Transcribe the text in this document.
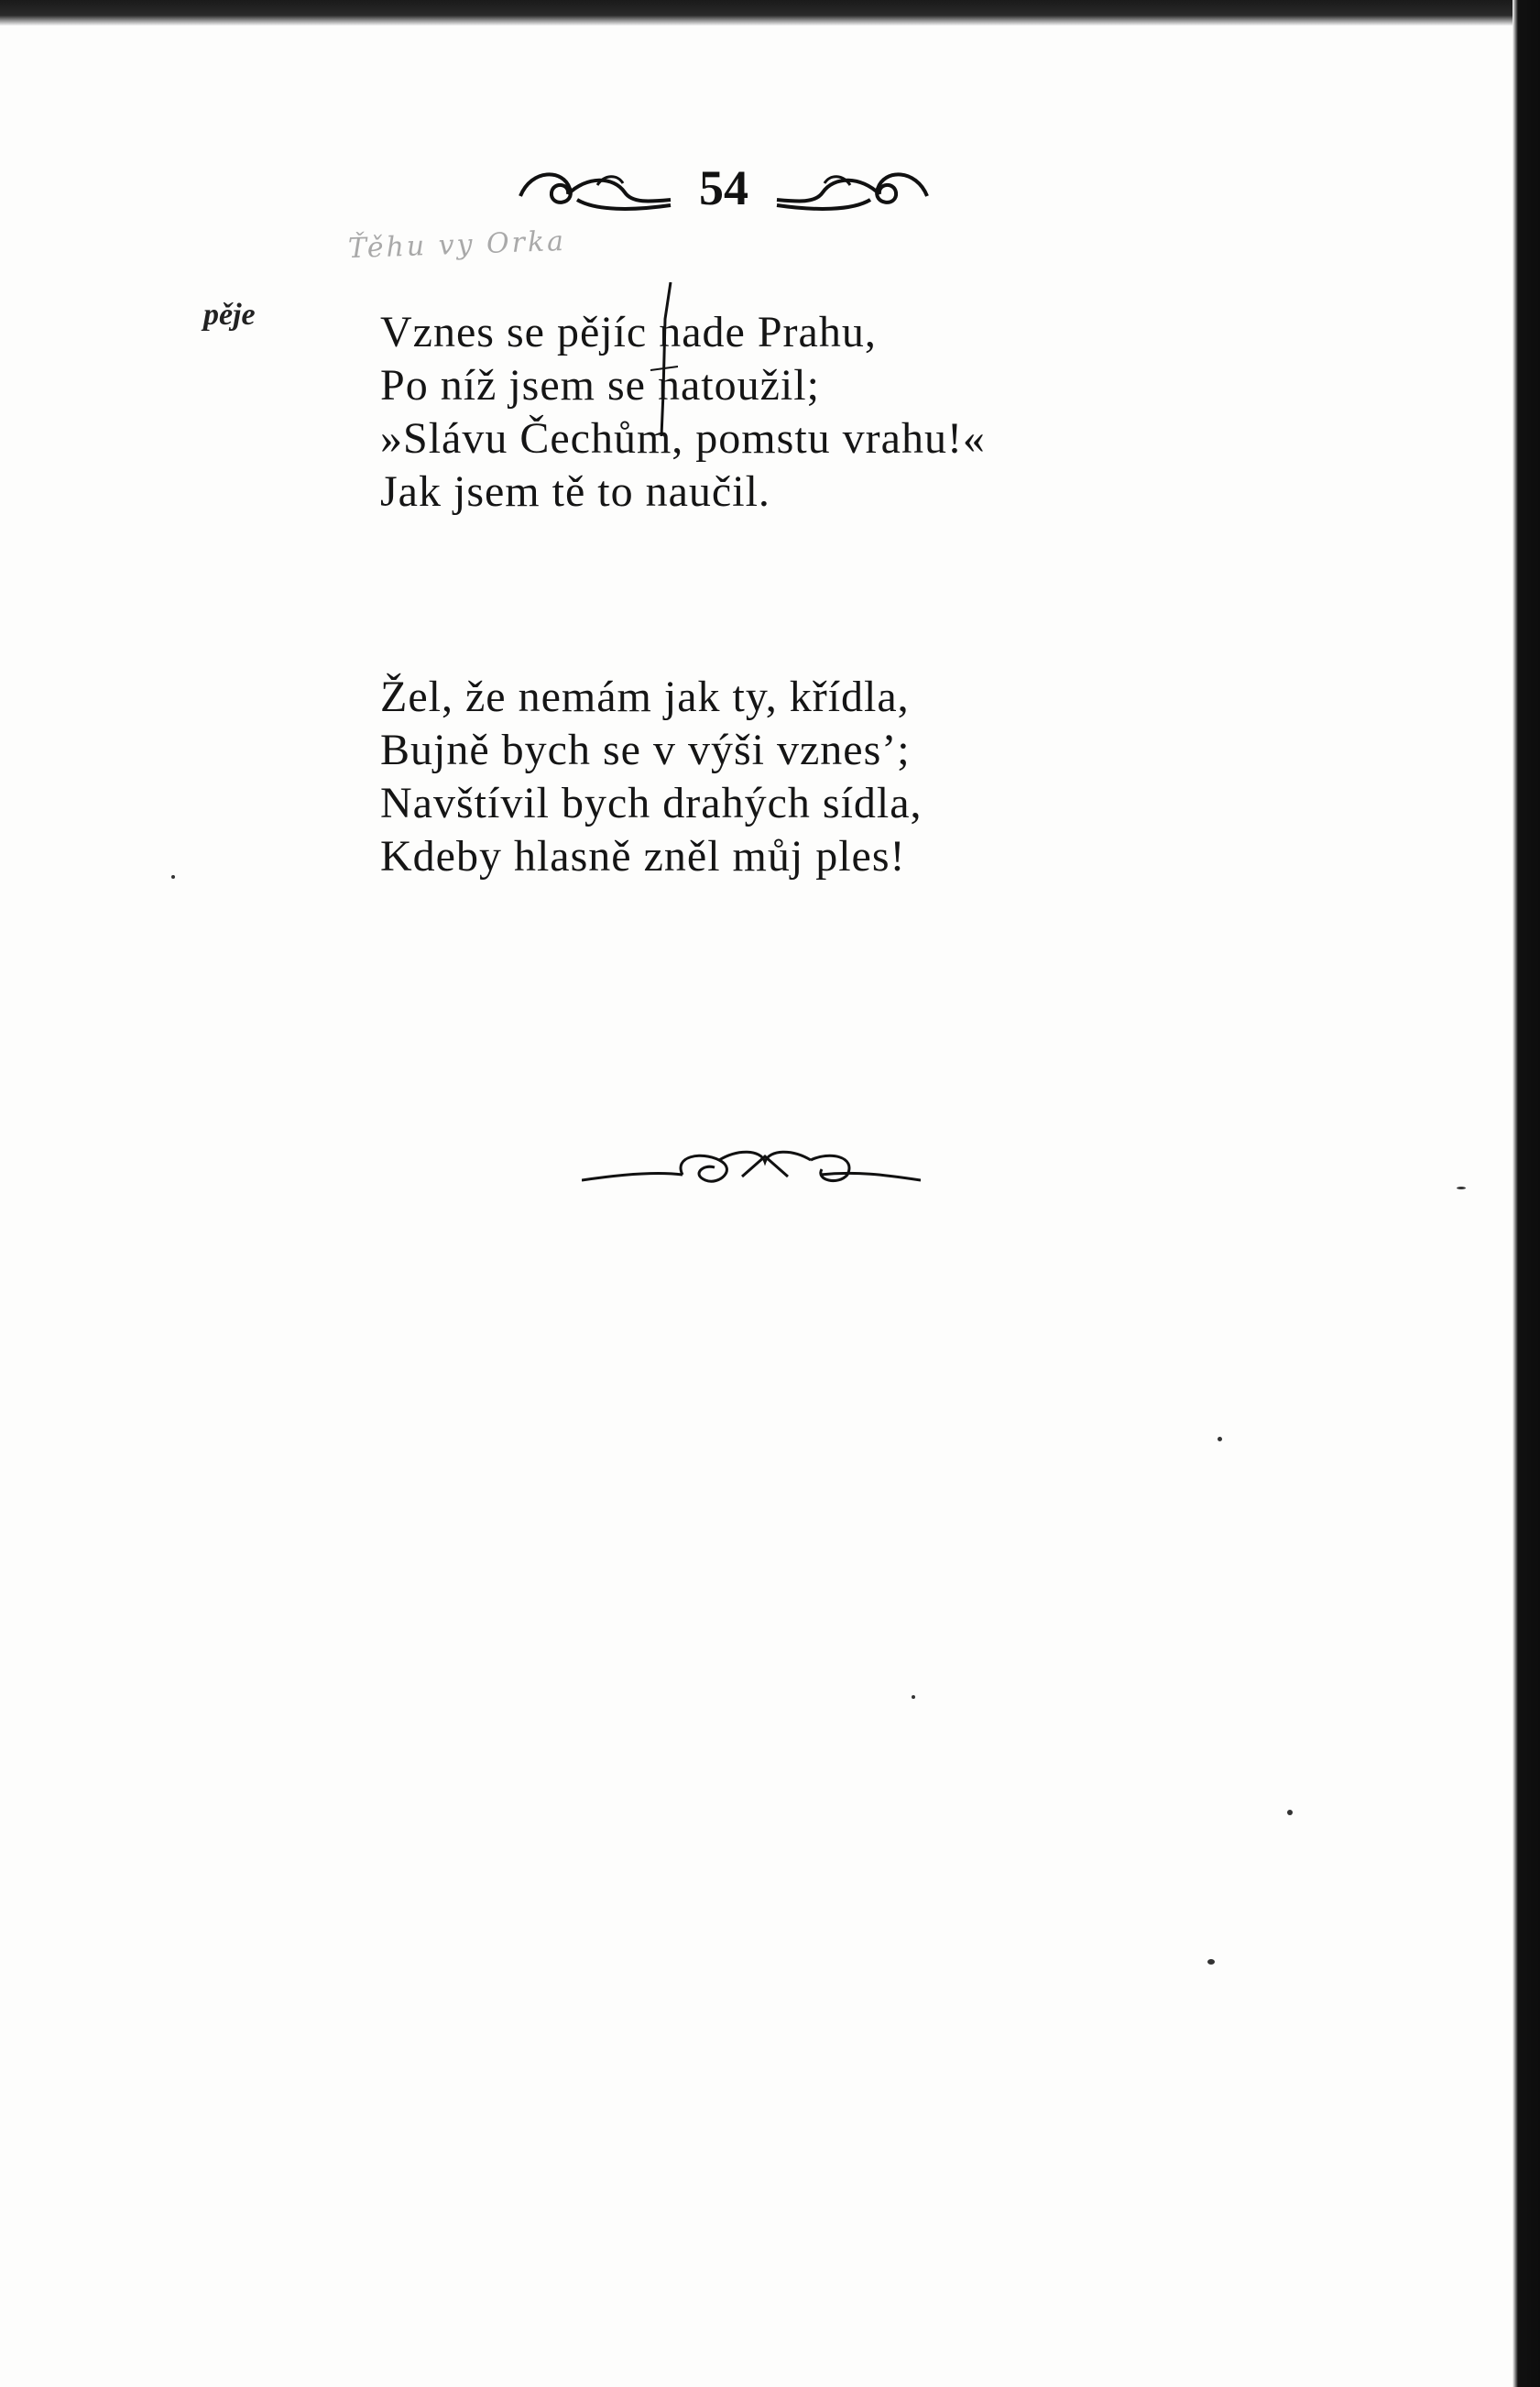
54
Ťěhu vy Orka
pěje	Vznes se pějíc nade Prahu,
Po níž jsem se natoužil;
»Slávu Čechům, pomstu vrahu!«
Jak jsem tě to naučil.
Žel, že nemám jak ty, křídla,
Bujně bych se v výši vznes’;
Navštívil bych drahých sídla,
Kdeby hlasně zněl můj ples!
